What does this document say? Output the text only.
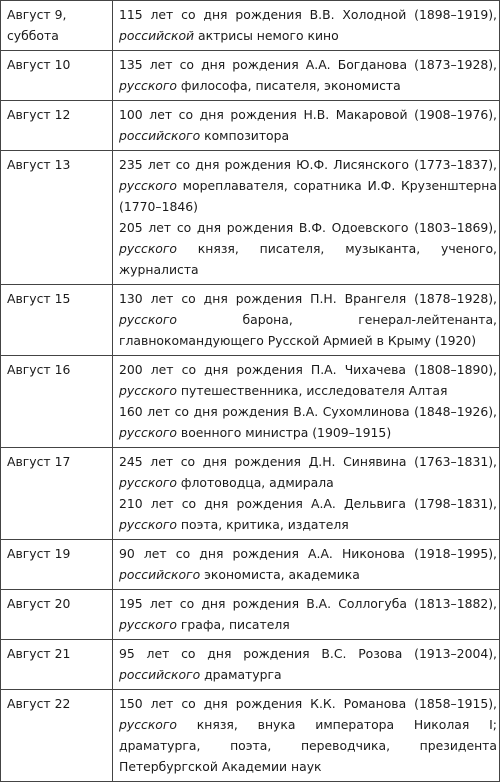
Август 9, суббота	115 лет со дня рождения В.В. Холодной (1898–1919), российской актрисы немого кино

Август 10	135 лет со дня рождения А.А. Богданова (1873–1928), русского философа, писателя, экономиста

Август 12	100 лет со дня рождения Н.В. Макаровой (1908–1976), российского композитора

Август 13	235 лет со дня рождения Ю.Ф. Лисянского (1773–1837), русского мореплавателя, соратника И.Ф. Крузенштерна (1770–1846)
205 лет со дня рождения В.Ф. Одоевского (1803–1869), русского князя, писателя, музыканта, ученого, журналиста

Август 15	130 лет со дня рождения П.Н. Врангеля (1878–1928), русского барона, генерал-лейтенанта, главнокомандующего Русской Армией в Крыму (1920)

Август 16	200 лет со дня рождения П.А. Чихачева (1808–1890), русского путешественника, исследователя Алтая
160 лет со дня рождения В.А. Сухомлинова (1848–1926), русского военного министра (1909–1915)

Август 17	245 лет со дня рождения Д.Н. Синявина (1763–1831), русского флотоводца, адмирала
210 лет со дня рождения А.А. Дельвига (1798–1831), русского поэта, критика, издателя

Август 19	90 лет со дня рождения А.А. Никонова (1918–1995), российского экономиста, академика

Август 20	195 лет со дня рождения В.А. Соллогуба (1813–1882), русского графа, писателя

Август 21	95 лет со дня рождения В.С. Розова (1913–2004), российского драматурга

Август 22	150 лет со дня рождения К.К. Романова (1858–1915), русского князя, внука императора Николая I; драматурга, поэта, переводчика, президента Петербургской Академии наук
